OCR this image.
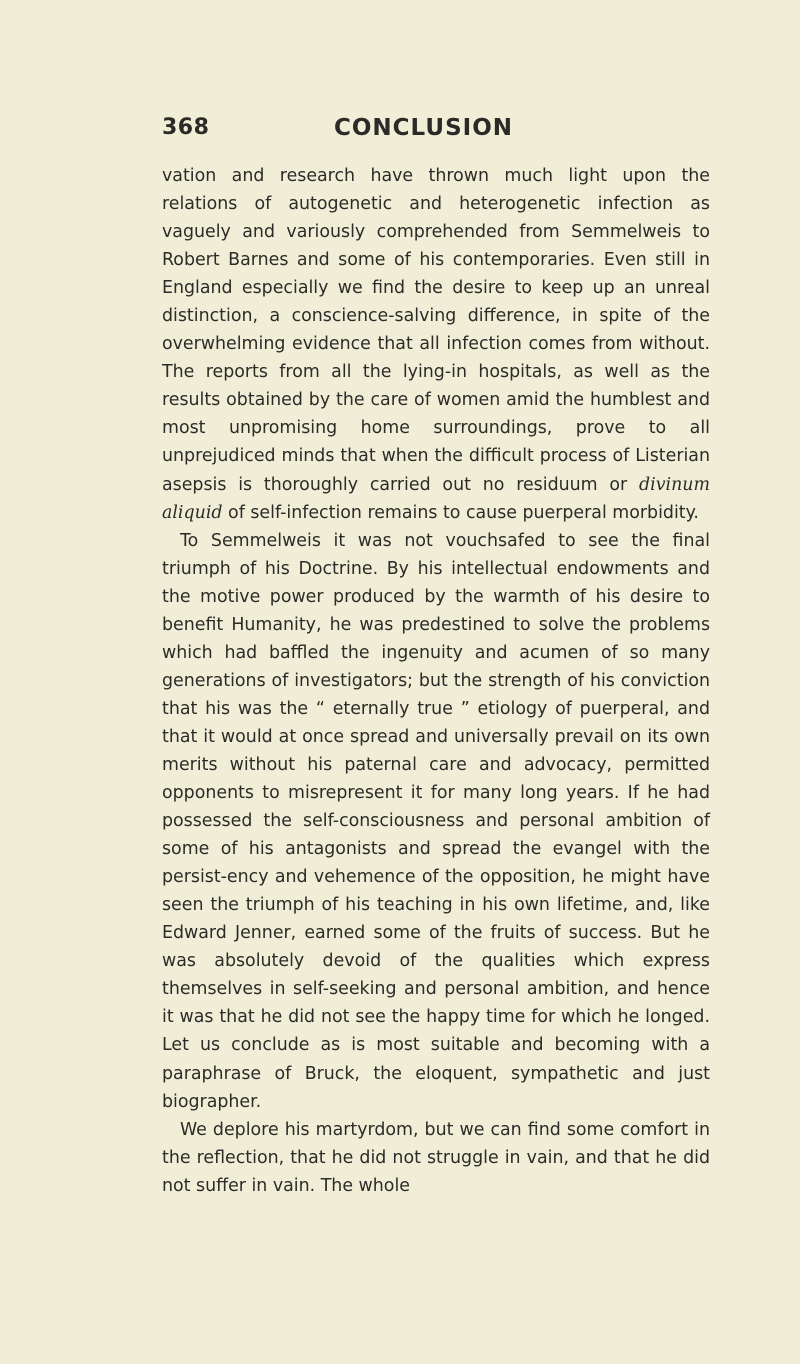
368	CONCLUSION

vation and research have thrown much light upon the relations of autogenetic and heterogenetic infection as vaguely and variously comprehended from Semmelweis to Robert Barnes and some of his contemporaries. Even still in England especially we find the desire to keep up an unreal distinction, a conscience-salving difference, in spite of the overwhelming evidence that all infection comes from without. The reports from all the lying-in hospitals, as well as the results obtained by the care of women amid the humblest and most unpromising home surroundings, prove to all unprejudiced minds that when the difficult process of Listerian asepsis is thoroughly carried out no residuum or divinum aliquid of self-infection remains to cause puerperal morbidity.

To Semmelweis it was not vouchsafed to see the final triumph of his Doctrine. By his intellectual endowments and the motive power produced by the warmth of his desire to benefit Humanity, he was predestined to solve the problems which had baffled the ingenuity and acumen of so many generations of investigators; but the strength of his conviction that his was the “ eternally true ” etiology of puerperal, and that it would at once spread and universally prevail on its own merits without his paternal care and advocacy, permitted opponents to misrepresent it for many long years. If he had possessed the self-consciousness and personal ambition of some of his antagonists and spread the evangel with the persist-ency and vehemence of the opposition, he might have seen the triumph of his teaching in his own lifetime, and, like Edward Jenner, earned some of the fruits of success. But he was absolutely devoid of the qualities which express themselves in self-seeking and personal ambition, and hence it was that he did not see the happy time for which he longed. Let us conclude as is most suitable and becoming with a paraphrase of Bruck, the eloquent, sympathetic and just biographer.

We deplore his martyrdom, but we can find some comfort in the reflection, that he did not struggle in vain, and that he did not suffer in vain. The whole
